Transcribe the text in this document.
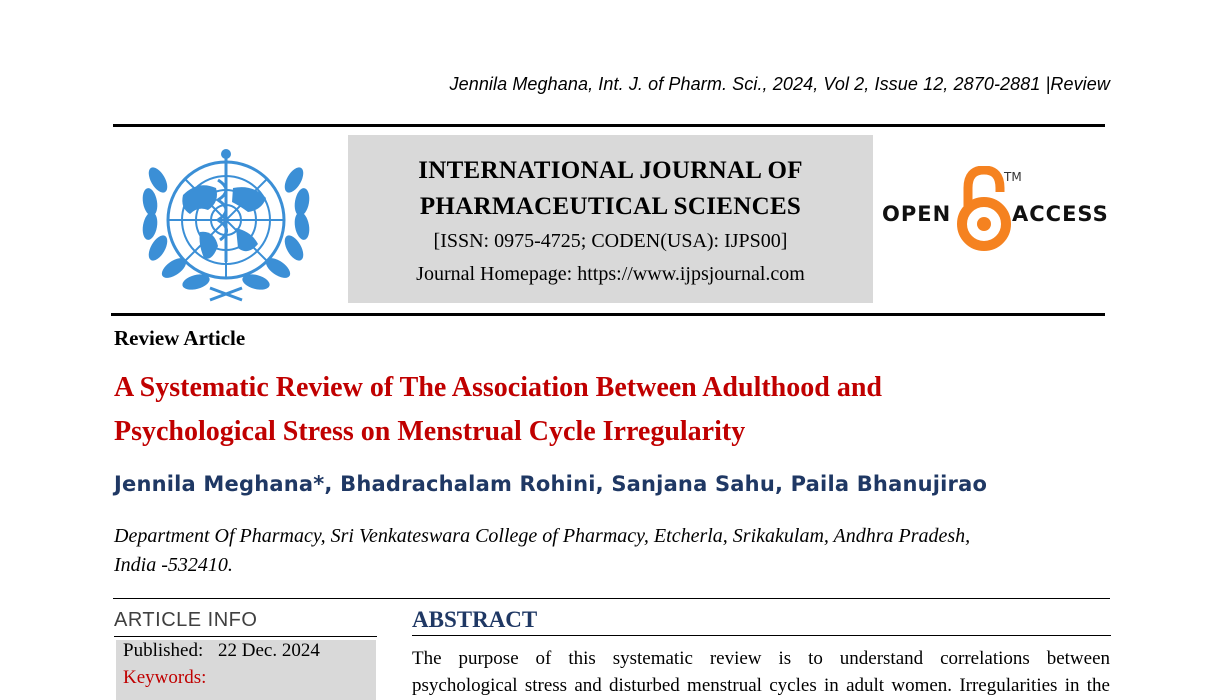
Jennila Meghana, Int. J. of Pharm. Sci., 2024, Vol 2, Issue 12, 2870-2881 |Review
INTERNATIONAL JOURNAL OF
PHARMACEUTICAL SCIENCES
[ISSN: 0975-4725; CODEN(USA): IJPS00]
Journal Homepage: https://www.ijpsjournal.com
OPEN
TM
ACCESS
Review Article
A Systematic Review of The Association Between Adulthood and
Psychological Stress on Menstrual Cycle Irregularity
Jennila Meghana*, Bhadrachalam Rohini, Sanjana Sahu, Paila Bhanujirao
Department Of Pharmacy, Sri Venkateswara College of Pharmacy, Etcherla, Srikakulam, Andhra Pradesh,
India -532410.
ARTICLE INFO
Published: 22 Dec. 2024
Keywords:
ABSTRACT
The purpose of this systematic review is to understand correlations between
psychological stress and disturbed menstrual cycles in adult women. Irregularities in the
